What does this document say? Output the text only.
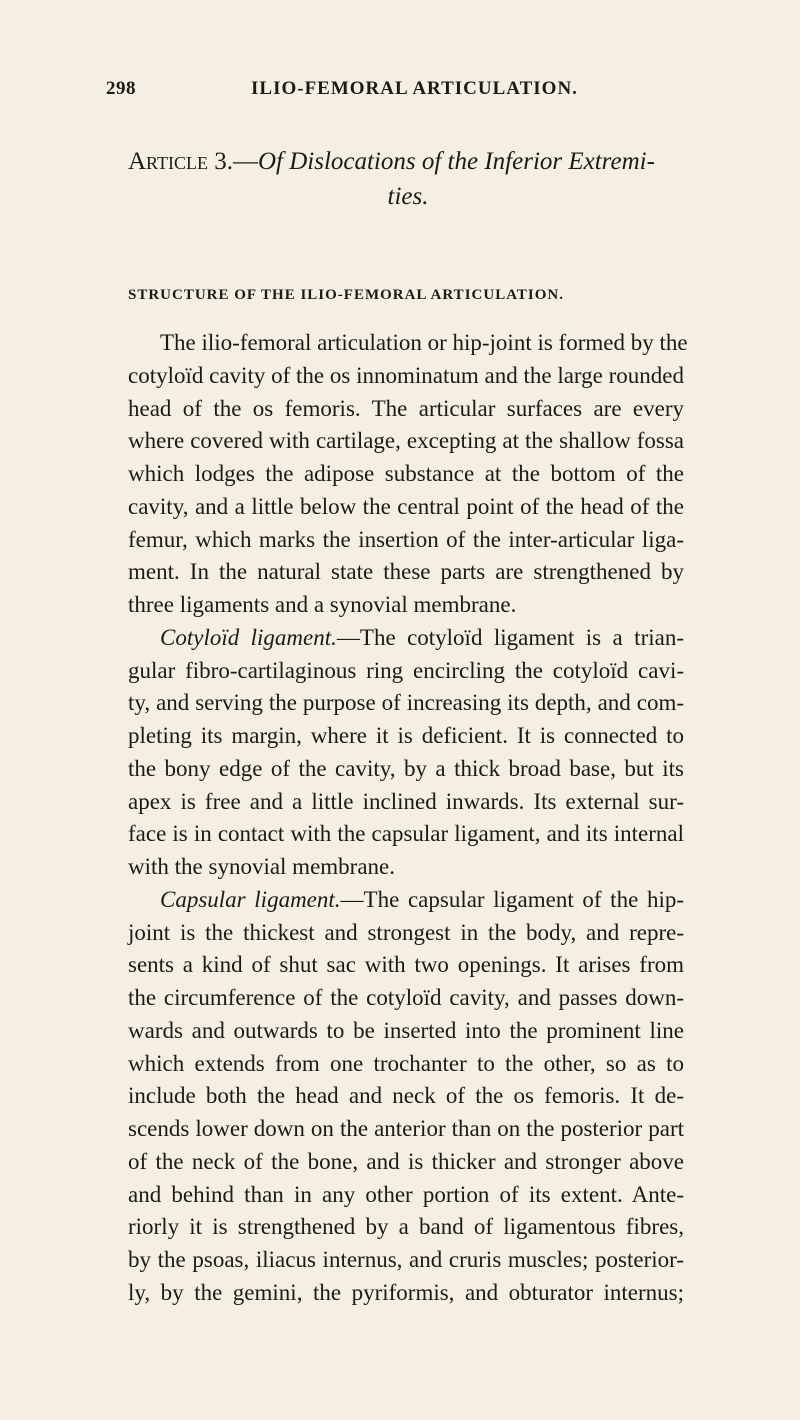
298	ILIO-FEMORAL ARTICULATION.
Article 3.—Of Dislocations of the Inferior Extremi-
ties.
STRUCTURE OF THE ILIO-FEMORAL ARTICULATION.
The ilio-femoral articulation or hip-joint is formed by the
cotyloïd cavity of the os innominatum and the large rounded
head of the os femoris. The articular surfaces are every
where covered with cartilage, excepting at the shallow fossa
which lodges the adipose substance at the bottom of the
cavity, and a little below the central point of the head of the
femur, which marks the insertion of the inter-articular liga-
ment. In the natural state these parts are strengthened by
three ligaments and a synovial membrane.
Cotyloïd ligament.—The cotyloïd ligament is a trian-
gular fibro-cartilaginous ring encircling the cotyloïd cavi-
ty, and serving the purpose of increasing its depth, and com-
pleting its margin, where it is deficient. It is connected to
the bony edge of the cavity, by a thick broad base, but its
apex is free and a little inclined inwards. Its external sur-
face is in contact with the capsular ligament, and its internal
with the synovial membrane.
Capsular ligament.—The capsular ligament of the hip-
joint is the thickest and strongest in the body, and repre-
sents a kind of shut sac with two openings. It arises from
the circumference of the cotyloïd cavity, and passes down-
wards and outwards to be inserted into the prominent line
which extends from one trochanter to the other, so as to
include both the head and neck of the os femoris. It de-
scends lower down on the anterior than on the posterior part
of the neck of the bone, and is thicker and stronger above
and behind than in any other portion of its extent. Ante-
riorly it is strengthened by a band of ligamentous fibres,
by the psoas, iliacus internus, and cruris muscles; posterior-
ly, by the gemini, the pyriformis, and obturator internus;
